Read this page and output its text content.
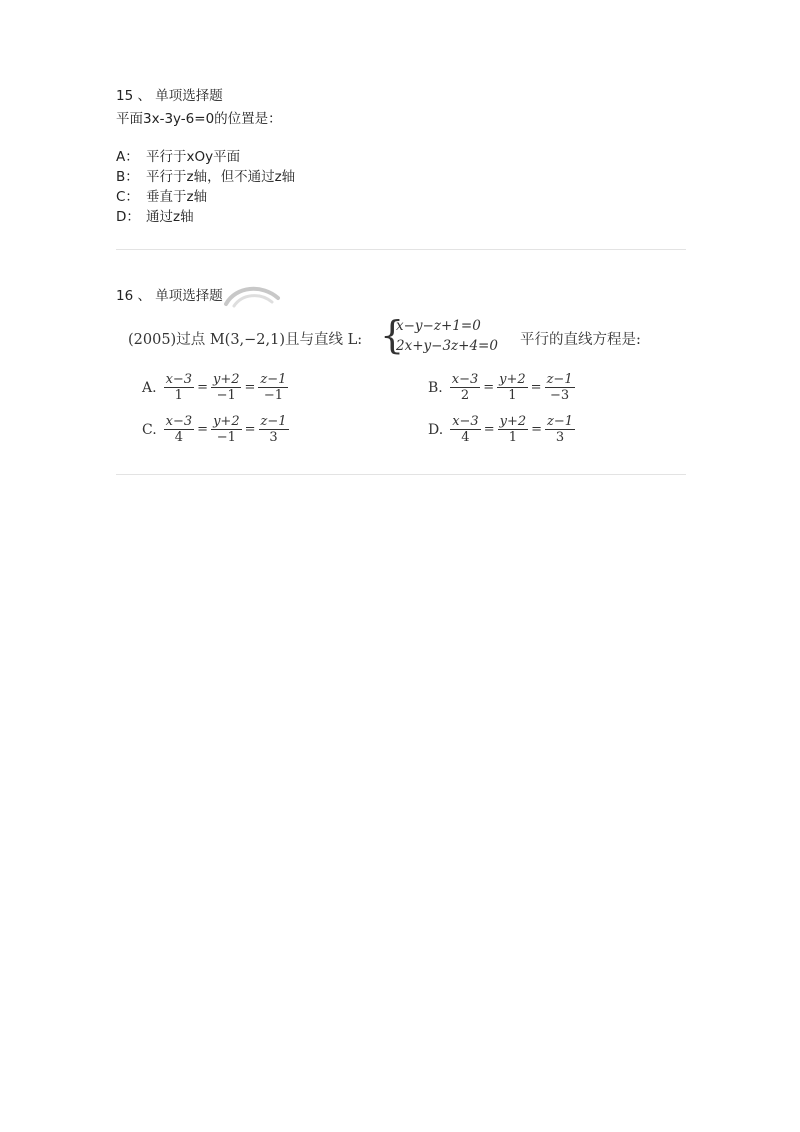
15 、 单项选择题

平面3x-3y-6=0的位置是：

A： 平行于xOy平面
B： 平行于z轴，但不通过z轴
C： 垂直于z轴
D： 通过z轴

16 、 单项选择题

(2005)过点 M(3,−2,1)且与直线 L: {
x−y−z+1=0
2x+y−3z+4=0 平行的直线方程是:
A. $\frac{x-3}{1} = \frac{y+2}{-1} = \frac{z-1}{-1}$	B. $\frac{x-3}{2} = \frac{y+2}{1} = \frac{z-1}{-3}$
C. $\frac{x-3}{4} = \frac{y+2}{-1} = \frac{z-1}{3}$	D. $\frac{x-3}{4} = \frac{y+2}{1} = \frac{z-1}{3}$
